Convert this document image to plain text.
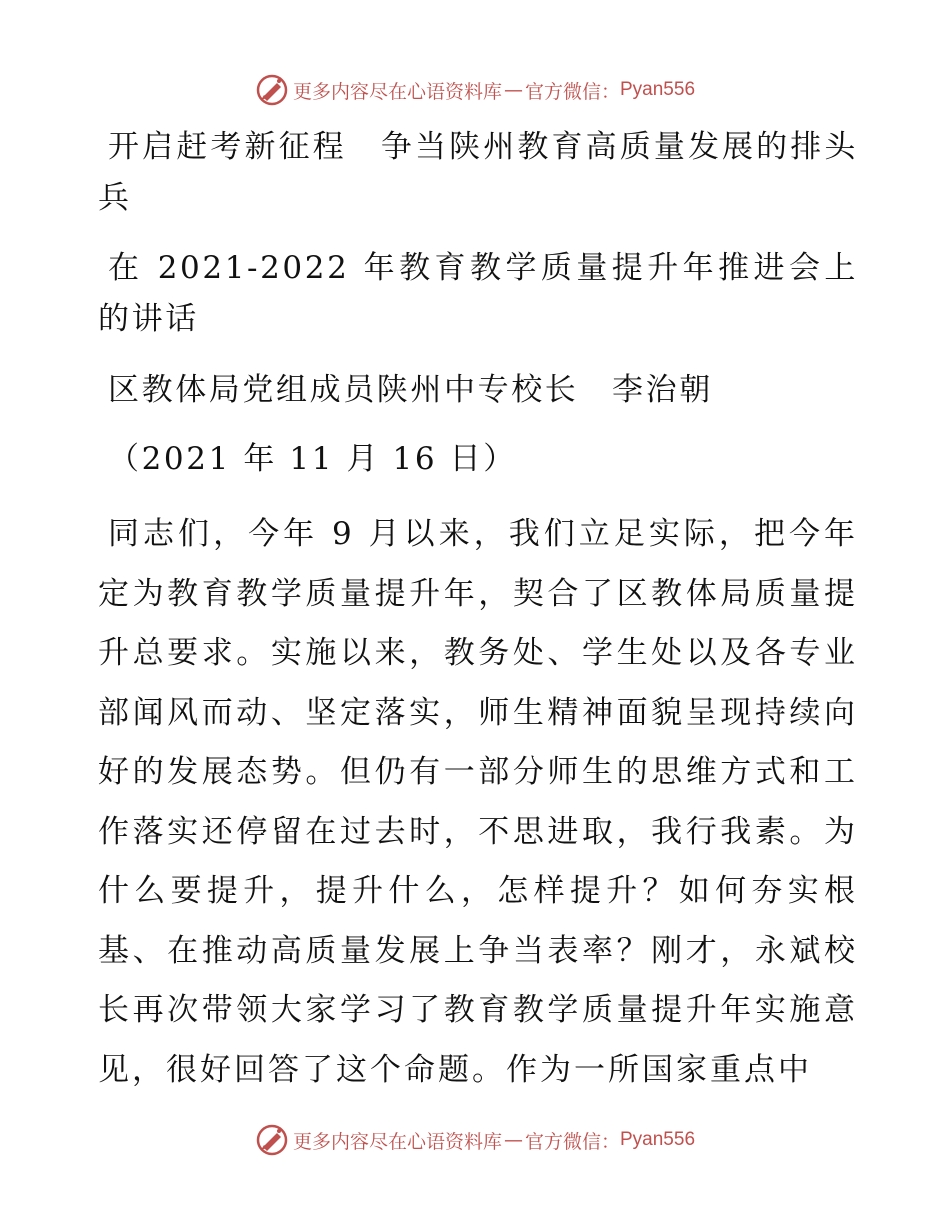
更多内容尽在心语资料库 — 官方微信： Pyan556

开启赶考新征程　争当陕州教育高质量发展的排头兵

在 2021-2022 年教育教学质量提升年推进会上的讲话

区教体局党组成员陕州中专校长　李治朝

（2021 年 11 月 16 日）

同志们，今年 9 月以来，我们立足实际，把今年定为教育教学质量提升年，契合了区教体局质量提升总要求。实施以来，教务处、学生处以及各专业部闻风而动、坚定落实，师生精神面貌呈现持续向好的发展态势。但仍有一部分师生的思维方式和工作落实还停留在过去时，不思进取，我行我素。为什么要提升，提升什么，怎样提升？如何夯实根基、在推动高质量发展上争当表率？刚才，永斌校长再次带领大家学习了教育教学质量提升年实施意见，很好回答了这个命题。作为一所国家重点中

更多内容尽在心语资料库 — 官方微信： Pyan556
